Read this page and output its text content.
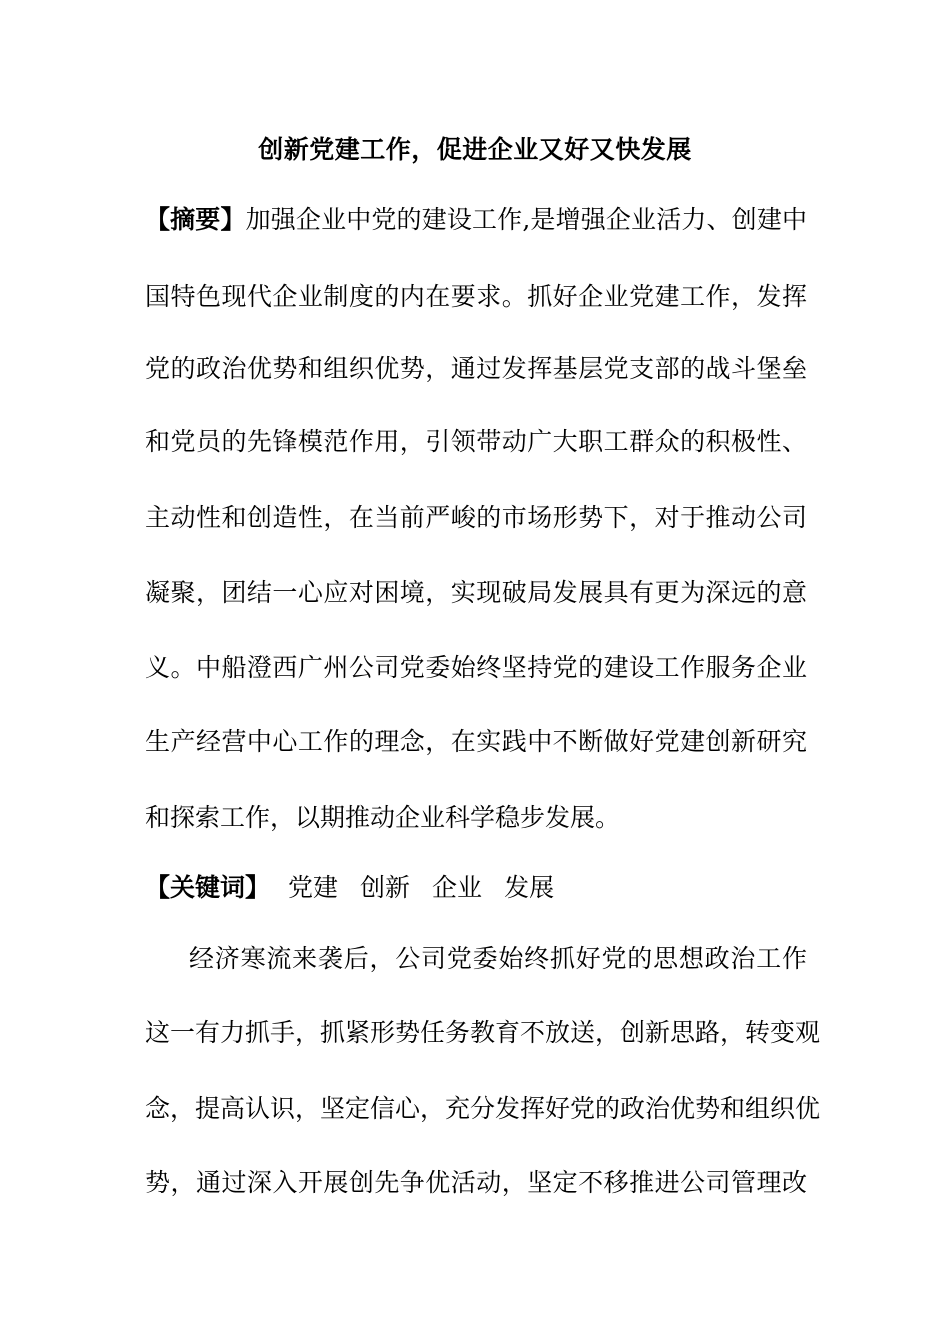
创新党建工作，促进企业又好又快发展
【摘要】加强企业中党的建设工作,是增强企业活力、创建中
国特色现代企业制度的内在要求。抓好企业党建工作，发挥
党的政治优势和组织优势，通过发挥基层党支部的战斗堡垒
和党员的先锋模范作用，引领带动广大职工群众的积极性、
主动性和创造性，在当前严峻的市场形势下，对于推动公司
凝聚，团结一心应对困境，实现破局发展具有更为深远的意
义。中船澄西广州公司党委始终坚持党的建设工作服务企业
生产经营中心工作的理念，在实践中不断做好党建创新研究
和探索工作，以期推动企业科学稳步发展。
【关键词】 党建 创新 企业 发展
经济寒流来袭后，公司党委始终抓好党的思想政治工作
这一有力抓手，抓紧形势任务教育不放送，创新思路，转变观
念，提高认识，坚定信心，充分发挥好党的政治优势和组织优
势，通过深入开展创先争优活动，坚定不移推进公司管理改
